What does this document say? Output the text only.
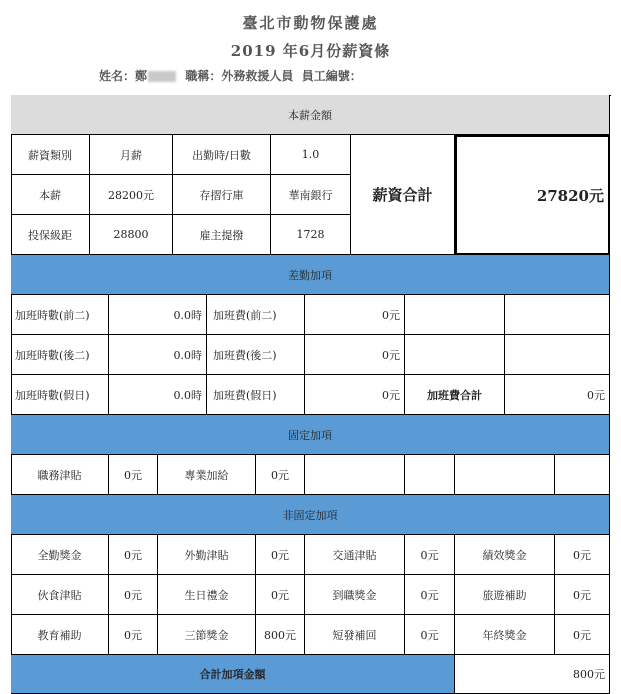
臺北市動物保護處
2019 年6月份薪資條
姓名：鄭	職稱：外務救援人員 員工編號：
本薪金額
薪資類別	月薪	出勤時/日數	1.0
本薪	28200元	存摺行庫	華南銀行
投保級距	28800	雇主提撥	1728
薪資合計	27820元
差勤加項
加班時數(前二)	0.0時	加班費(前二)	0元
加班時數(後二)	0.0時	加班費(後二)	0元
加班時數(假日)	0.0時	加班費(假日)	0元	加班費合計	0元
固定加項
職務津貼	0元	專業加給	0元
非固定加項
全勤獎金	0元	外勤津貼	0元	交通津貼	0元	績效獎金	0元
伙食津貼	0元	生日禮金	0元	到職獎金	0元	旅遊補助	0元
教育補助	0元	三節獎金	800元	短發補回	0元	年終獎金	0元
合計加項金額	800元
